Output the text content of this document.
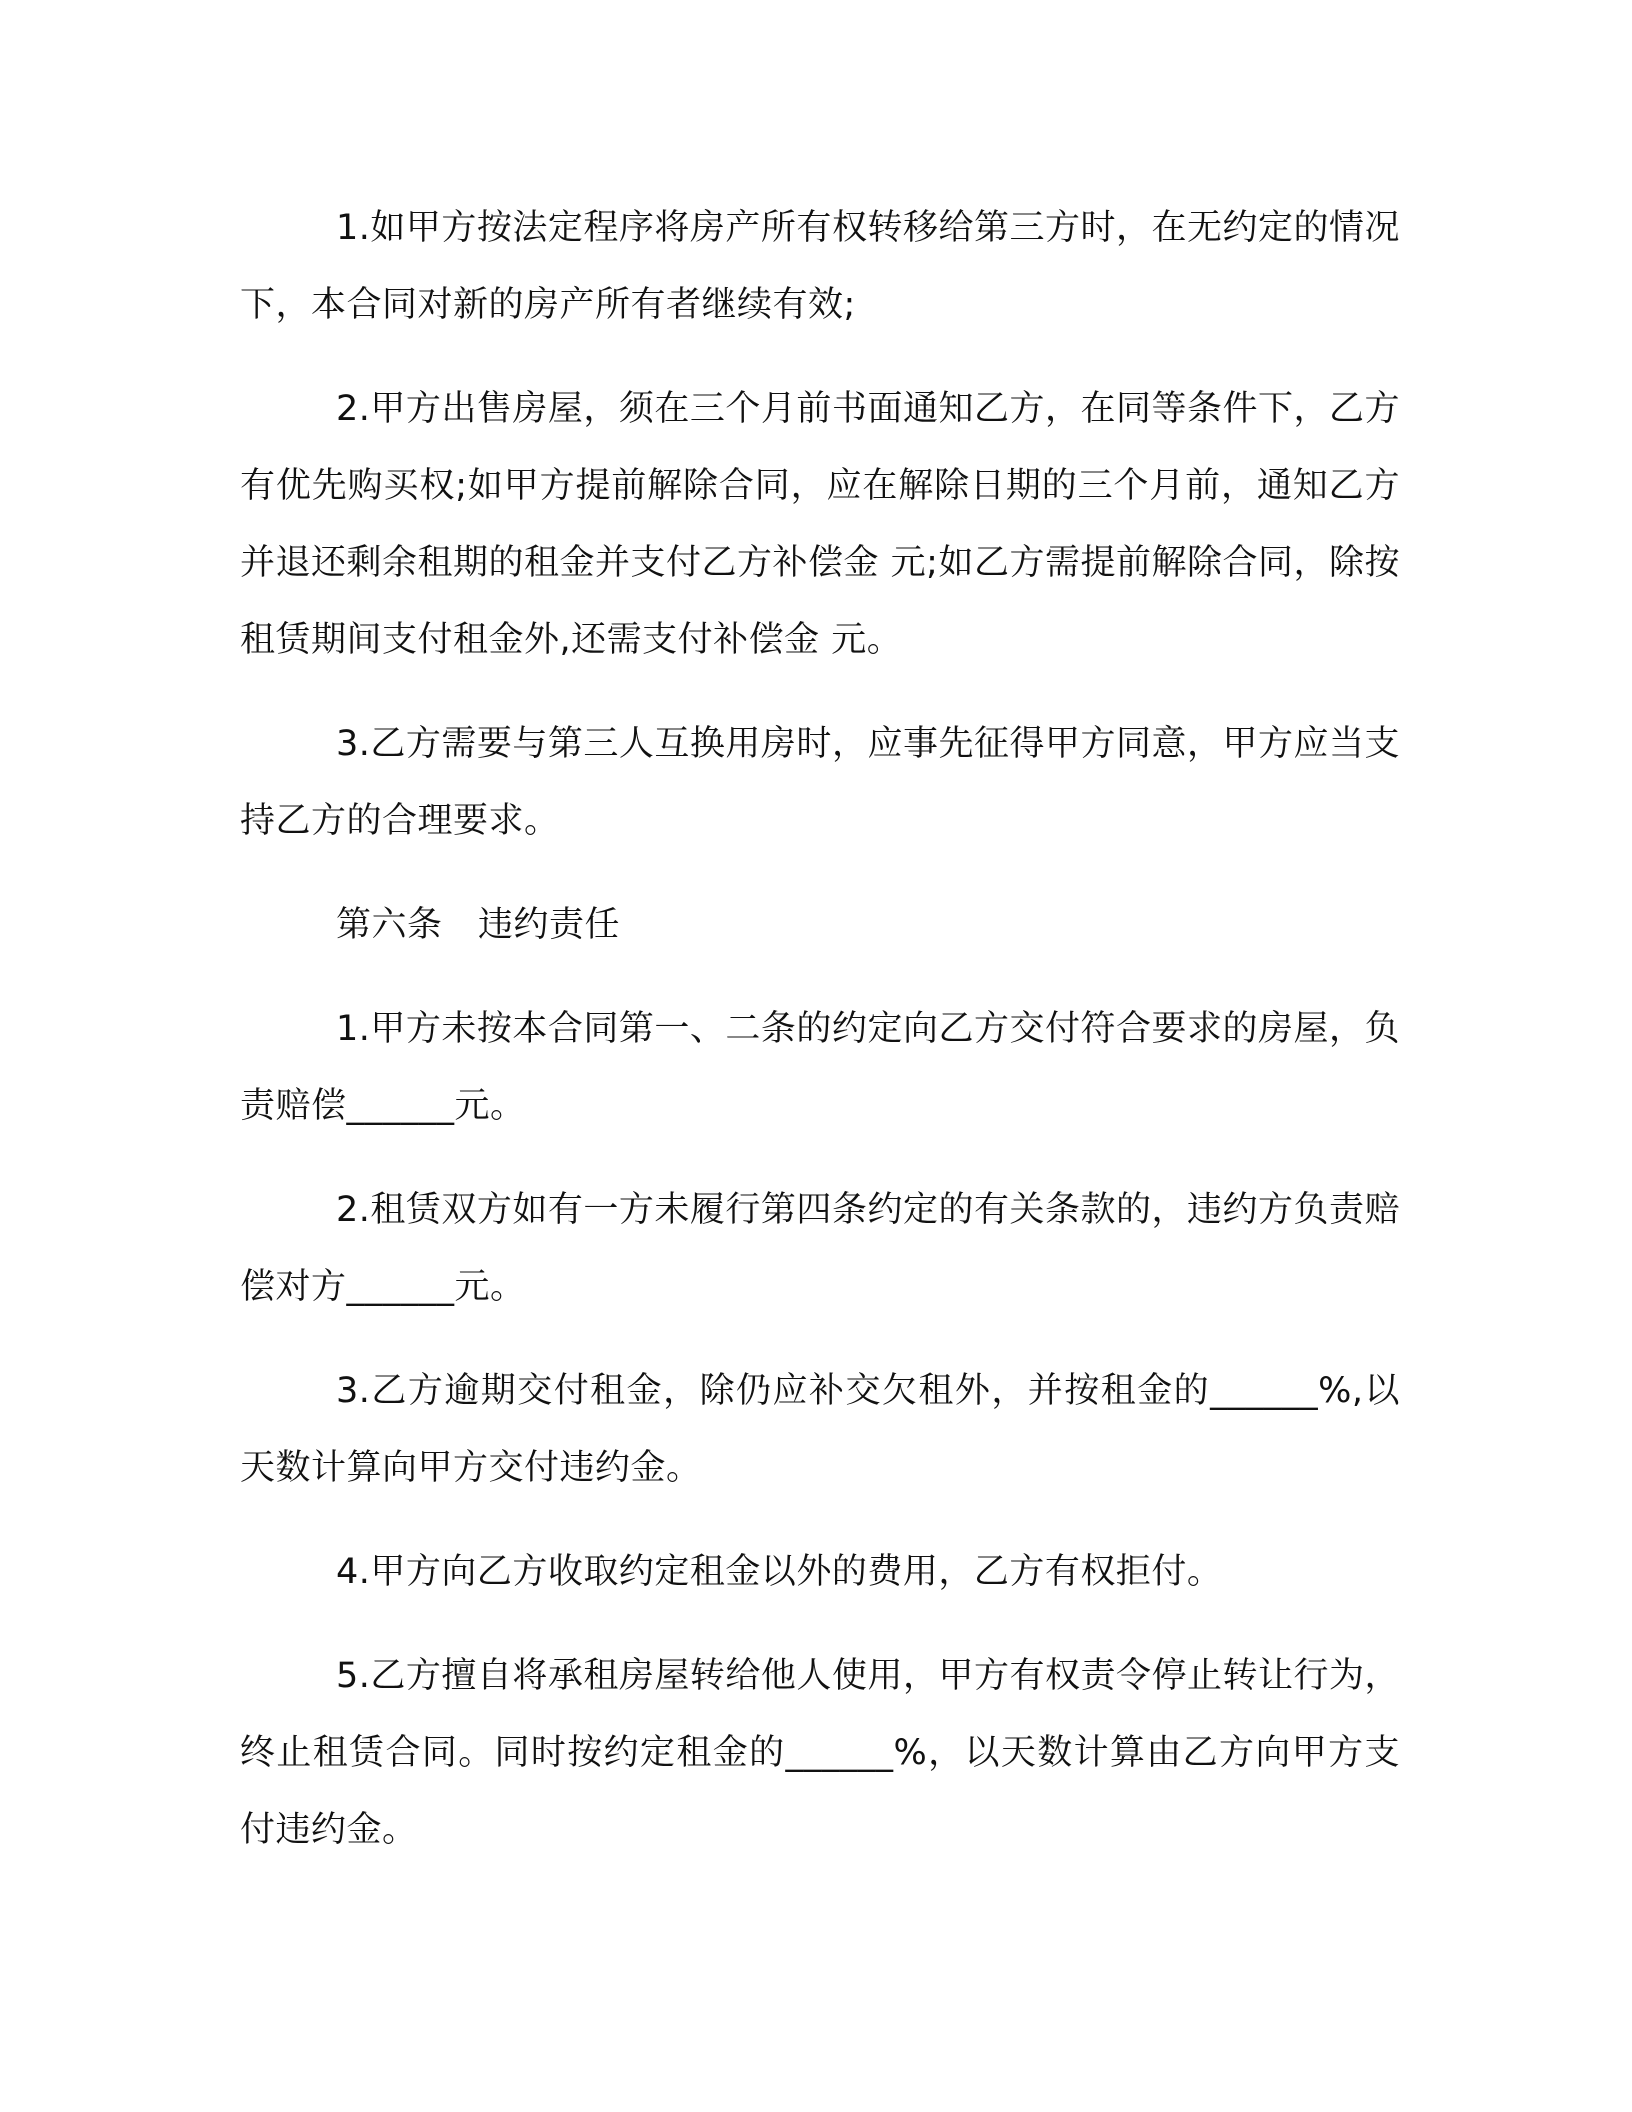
1.如甲方按法定程序将房产所有权转移给第三方时，在无约定的情况下，本合同对新的房产所有者继续有效;

2.甲方出售房屋，须在三个月前书面通知乙方，在同等条件下，乙方有优先购买权;如甲方提前解除合同，应在解除日期的三个月前，通知乙方并退还剩余租期的租金并支付乙方补偿金 元;如乙方需提前解除合同，除按租赁期间支付租金外,还需支付补偿金 元。

3.乙方需要与第三人互换用房时，应事先征得甲方同意，甲方应当支持乙方的合理要求。

第六条　违约责任

1.甲方未按本合同第一、二条的约定向乙方交付符合要求的房屋，负责赔偿______元。

2.租赁双方如有一方未履行第四条约定的有关条款的，违约方负责赔偿对方______元。

3.乙方逾期交付租金，除仍应补交欠租外，并按租金的______%,以天数计算向甲方交付违约金。

4.甲方向乙方收取约定租金以外的费用，乙方有权拒付。

5.乙方擅自将承租房屋转给他人使用，甲方有权责令停止转让行为，终止租赁合同。同时按约定租金的______%，以天数计算由乙方向甲方支付违约金。
